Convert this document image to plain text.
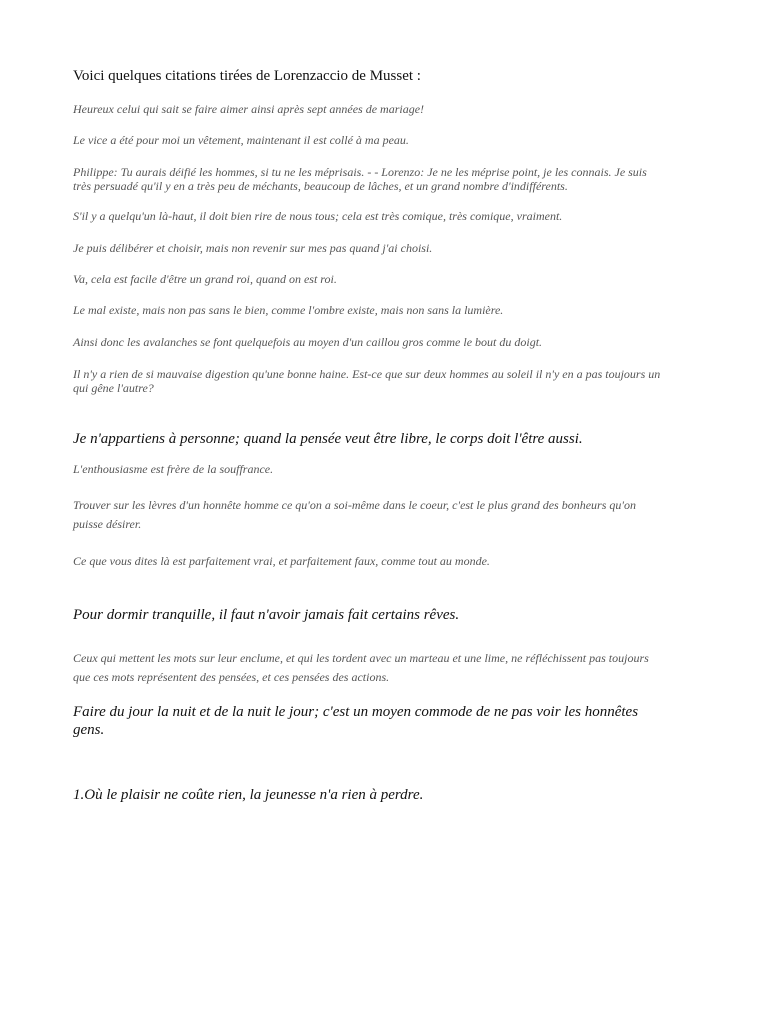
Voici quelques citations tirées de Lorenzaccio de Musset :

Heureux celui qui sait se faire aimer ainsi après sept années de mariage!

Le vice a été pour moi un vêtement, maintenant il est collé à ma peau.

Philippe: Tu aurais déifié les hommes, si tu ne les méprisais. - - Lorenzo: Je ne les méprise point, je les connais. Je suis très persuadé qu'il y en a très peu de méchants, beaucoup de lâches, et un grand nombre d'indifférents.

S'il y a quelqu'un là-haut, il doit bien rire de nous tous; cela est très comique, très comique, vraiment.

Je puis délibérer et choisir, mais non revenir sur mes pas quand j'ai choisi.

Va, cela est facile d'être un grand roi, quand on est roi.

Le mal existe, mais non pas sans le bien, comme l'ombre existe, mais non sans la lumière.

Ainsi donc les avalanches se font quelquefois au moyen d'un caillou gros comme le bout du doigt.

Il n'y a rien de si mauvaise digestion qu'une bonne haine. Est-ce que sur deux hommes au soleil il n'y en a pas toujours un qui gêne l'autre?

Je n'appartiens à personne; quand la pensée veut être libre, le corps doit l'être aussi.

L'enthousiasme est frère de la souffrance.

Trouver sur les lèvres d'un honnête homme ce qu'on a soi-même dans le coeur, c'est le plus grand des bonheurs qu'on puisse désirer.

Ce que vous dites là est parfaitement vrai, et parfaitement faux, comme tout au monde.

Pour dormir tranquille, il faut n'avoir jamais fait certains rêves.

Ceux qui mettent les mots sur leur enclume, et qui les tordent avec un marteau et une lime, ne réfléchissent pas toujours que ces mots représentent des pensées, et ces pensées des actions.

Faire du jour la nuit et de la nuit le jour; c'est un moyen commode de ne pas voir les honnêtes gens.

1.Où le plaisir ne coûte rien, la jeunesse n'a rien à perdre.
